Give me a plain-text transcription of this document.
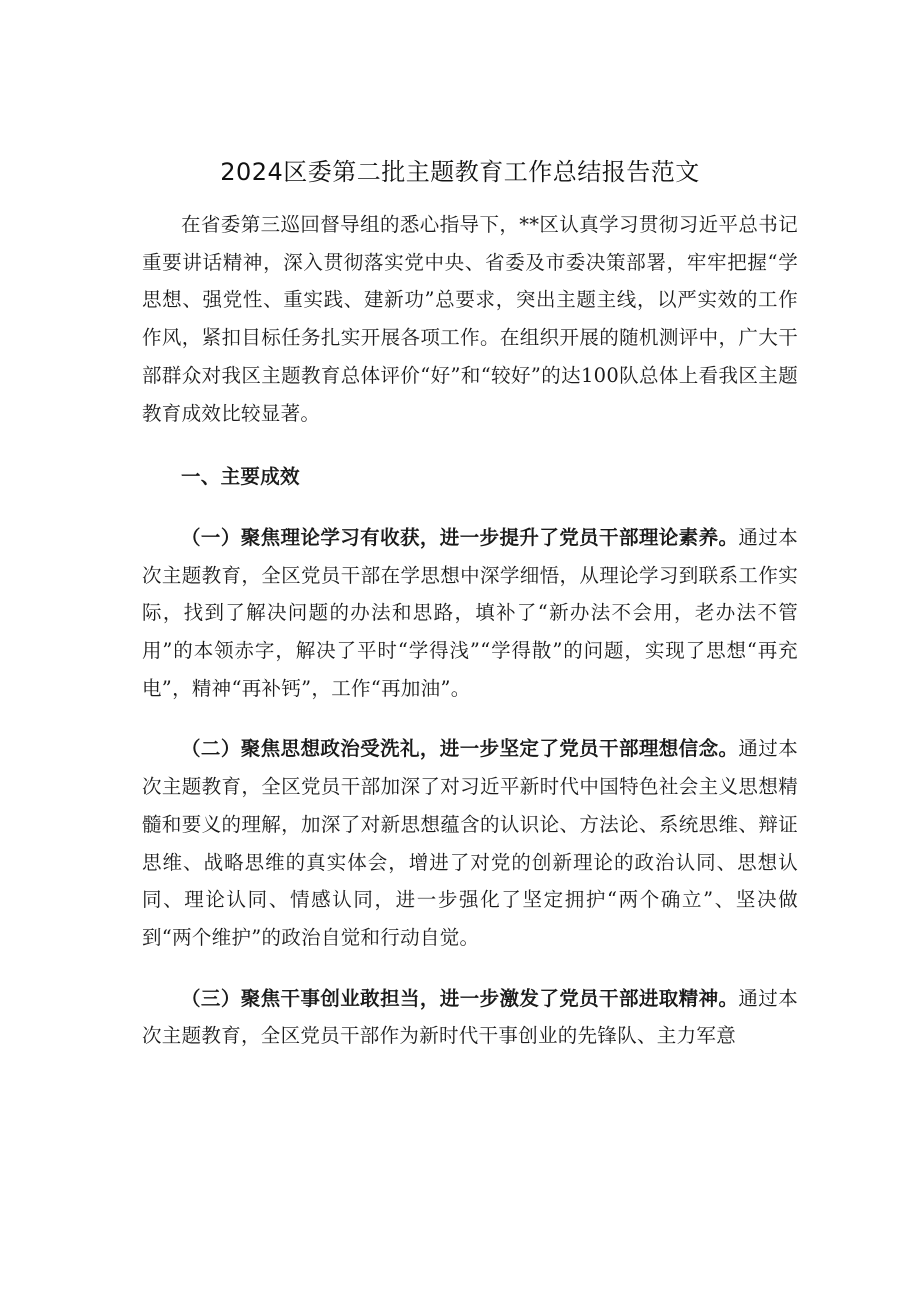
2024区委第二批主题教育工作总结报告范文

在省委第三巡回督导组的悉心指导下，**区认真学习贯彻习近平总书记重要讲话精神，深入贯彻落实党中央、省委及市委决策部署，牢牢把握“学思想、强党性、重实践、建新功”总要求，突出主题主线，以严实效的工作作风，紧扣目标任务扎实开展各项工作。在组织开展的随机测评中，广大干部群众对我区主题教育总体评价“好”和“较好”的达100队总体上看我区主题教育成效比较显著。

一、主要成效

（一）聚焦理论学习有收获，进一步提升了党员干部理论素养。通过本次主题教育，全区党员干部在学思想中深学细悟，从理论学习到联系工作实际，找到了解决问题的办法和思路，填补了“新办法不会用，老办法不管用”的本领赤字，解决了平时“学得浅”“学得散”的问题，实现了思想“再充电”，精神“再补钙”，工作“再加油”。

（二）聚焦思想政治受洗礼，进一步坚定了党员干部理想信念。通过本次主题教育，全区党员干部加深了对习近平新时代中国特色社会主义思想精髓和要义的理解，加深了对新思想蕴含的认识论、方法论、系统思维、辩证思维、战略思维的真实体会，增进了对党的创新理论的政治认同、思想认同、理论认同、情感认同，进一步强化了坚定拥护“两个确立”、坚决做到“两个维护”的政治自觉和行动自觉。

（三）聚焦干事创业敢担当，进一步激发了党员干部进取精神。通过本次主题教育，全区党员干部作为新时代干事创业的先锋队、主力军意
